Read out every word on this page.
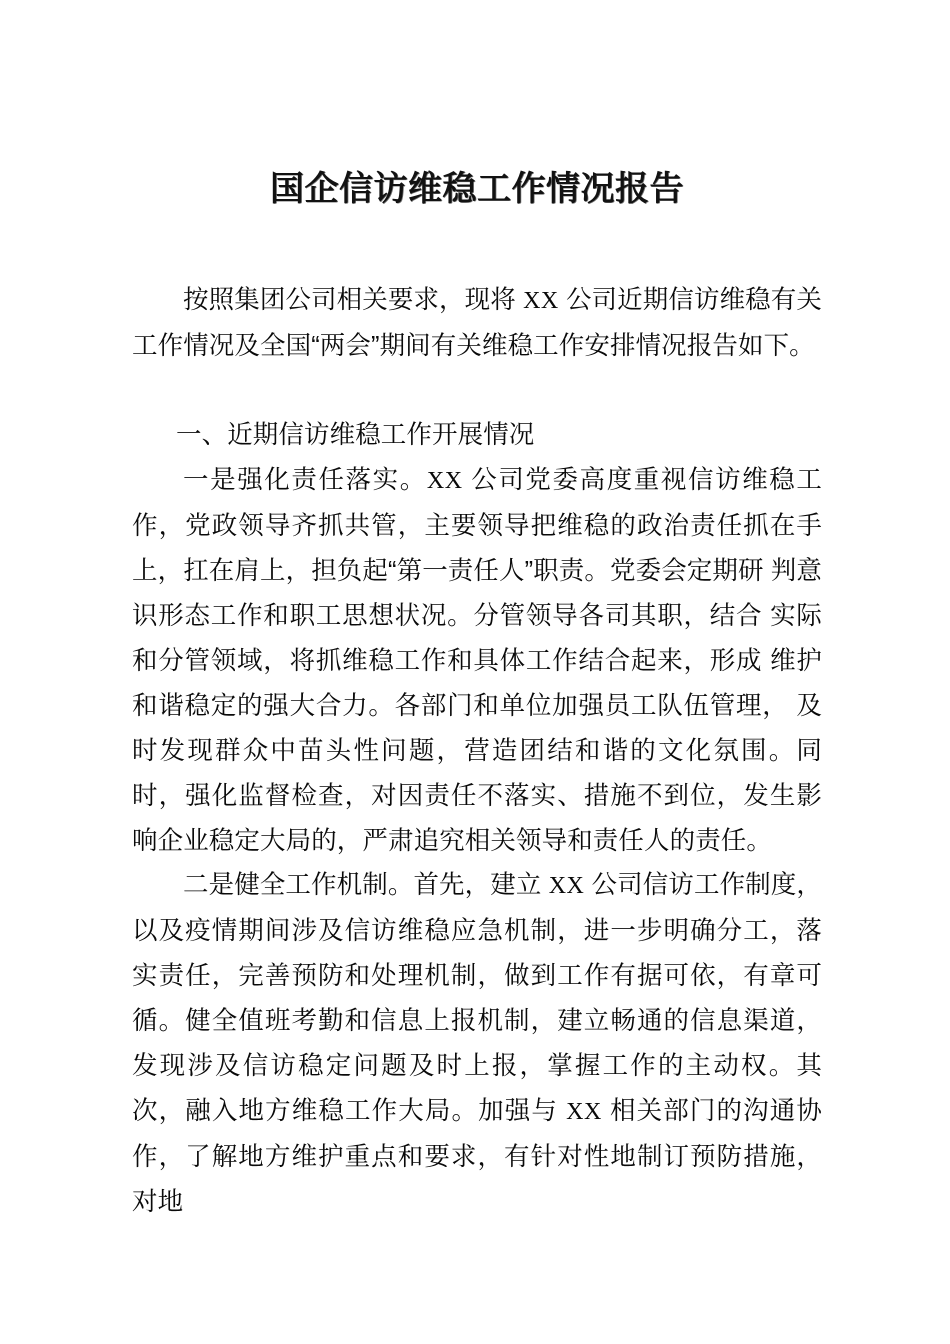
国企信访维稳工作情况报告

按照集团公司相关要求，现将 XX 公司近期信访维稳有关工作情况及全国“两会”期间有关维稳工作安排情况报告如下。

一、近期信访维稳工作开展情况

一是强化责任落实。XX 公司党委高度重视信访维稳工作，党政领导齐抓共管，主要领导把维稳的政治责任抓在手上，扛在肩上，担负起“第一责任人”职责。党委会定期研 判意识形态工作和职工思想状况。分管领导各司其职，结合 实际和分管领域，将抓维稳工作和具体工作结合起来，形成 维护和谐稳定的强大合力。各部门和单位加强员工队伍管理， 及时发现群众中苗头性问题，营造团结和谐的文化氛围。同 时，强化监督检查，对因责任不落实、措施不到位，发生影 响企业稳定大局的，严肃追究相关领导和责任人的责任。

二是健全工作机制。首先，建立 XX 公司信访工作制度，以及疫情期间涉及信访维稳应急机制，进一步明确分工，落实责任，完善预防和处理机制，做到工作有据可依，有章可循。健全值班考勤和信息上报机制，建立畅通的信息渠道，发现涉及信访稳定问题及时上报，掌握工作的主动权。其次，融入地方维稳工作大局。加强与 XX 相关部门的沟通协作，了解地方维护重点和要求，有针对性地制订预防措施，对地
